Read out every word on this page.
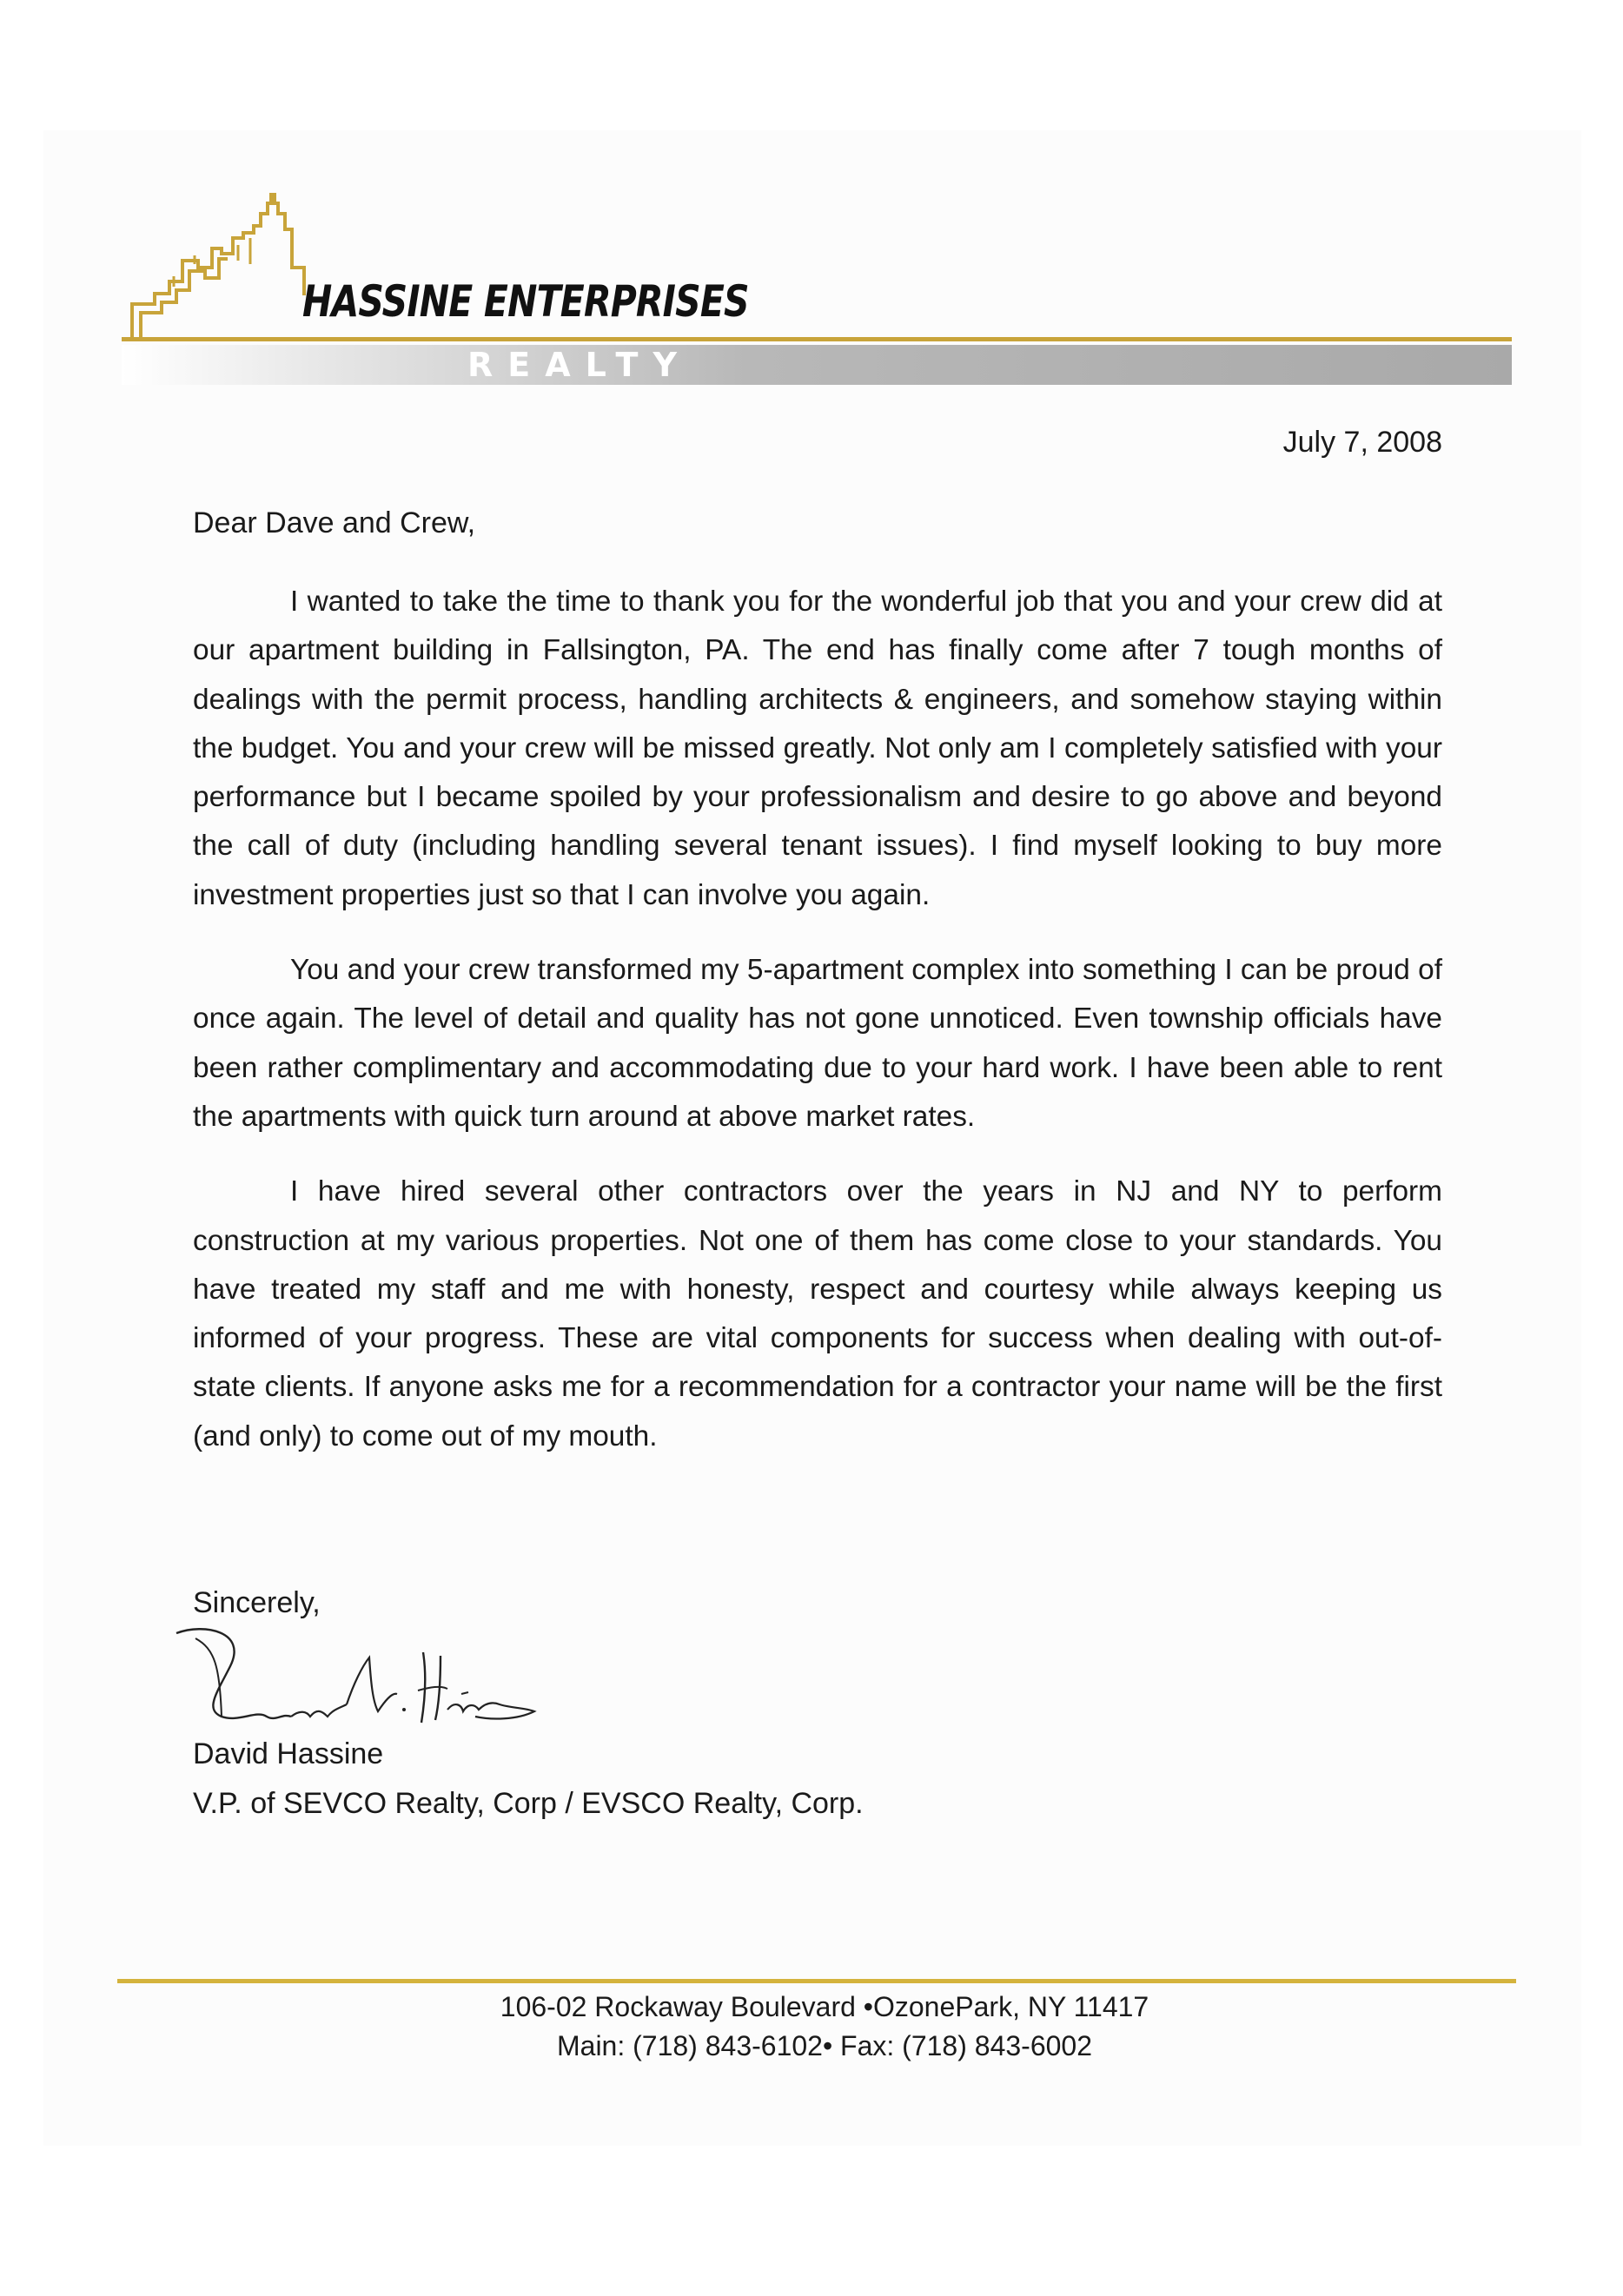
HASSINE ENTERPRISES
REALTY
July 7, 2008
Dear Dave and Crew,

I wanted to take the time to thank you for the wonderful job that you and your crew did at our apartment building in Fallsington, PA. The end has finally come after 7 tough months of dealings with the permit process, handling architects & engineers, and somehow staying within the budget. You and your crew will be missed greatly. Not only am I completely satisfied with your performance but I became spoiled by your professionalism and desire to go above and beyond the call of duty (including handling several tenant issues). I find myself looking to buy more investment properties just so that I can involve you again.

You and your crew transformed my 5-apartment complex into something I can be proud of once again. The level of detail and quality has not gone unnoticed. Even township officials have been rather complimentary and accommodating due to your hard work. I have been able to rent the apartments with quick turn around at above market rates.

I have hired several other contractors over the years in NJ and NY to perform construction at my various properties. Not one of them has come close to your standards. You have treated my staff and me with honesty, respect and courtesy while always keeping us informed of your progress. These are vital components for success when dealing with out-of-state clients. If anyone asks me for a recommendation for a contractor your name will be the first (and only) to come out of my mouth.

Sincerely,
David Hassine
V.P. of SEVCO Realty, Corp / EVSCO Realty, Corp.
106-02 Rockaway Boulevard •OzonePark, NY 11417
Main: (718) 843-6102• Fax: (718) 843-6002
